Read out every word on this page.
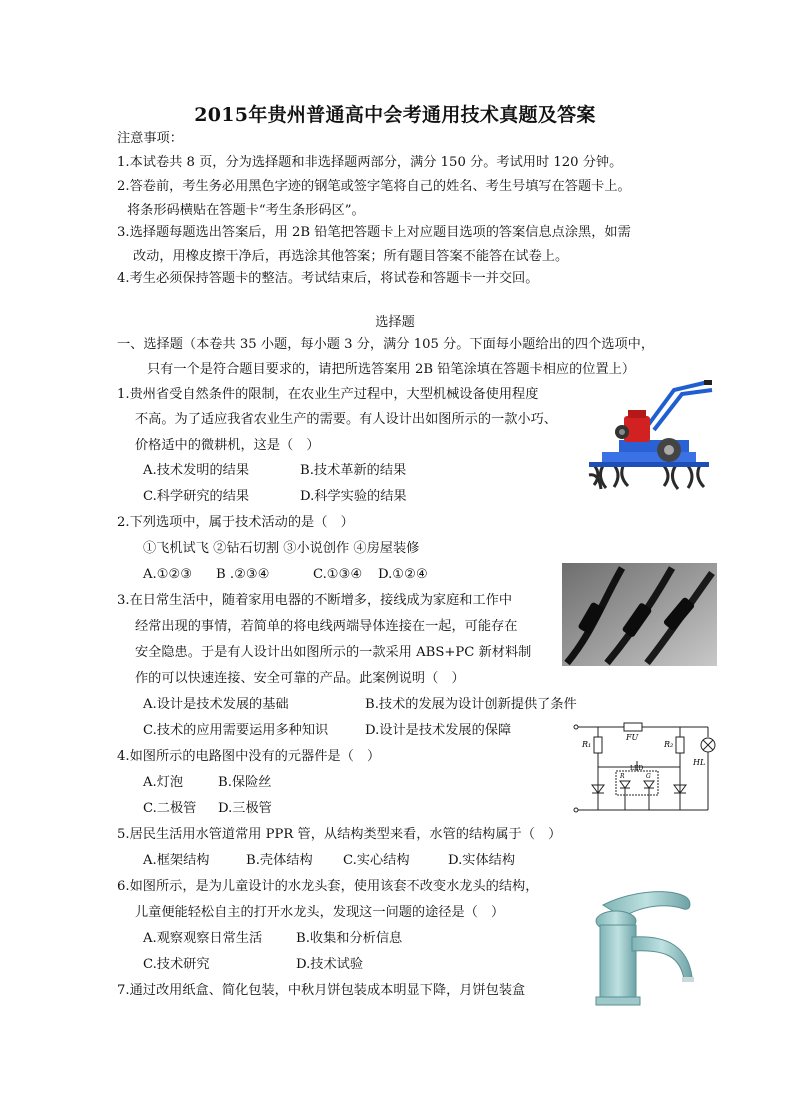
2015年贵州普通高中会考通用技术真题及答案
注意事项：
1.本试卷共 8 页，分为选择题和非选择题两部分，满分 150 分。考试用时 120 分钟。
2.答卷前，考生务必用黑色字迹的钢笔或签字笔将自己的姓名、考生号填写在答题卡上。
将条形码横贴在答题卡“考生条形码区”。
3.选择题每题选出答案后，用 2B 铅笔把答题卡上对应题目选项的答案信息点涂黑，如需
改动，用橡皮擦干净后，再选涂其他答案；所有题目答案不能答在试卷上。
4.考生必须保持答题卡的整洁。考试结束后，将试卷和答题卡一并交回。
选择题
一、选择题（本卷共 35 小题，每小题 3 分，满分 105 分。下面每小题给出的四个选项中，
只有一个是符合题目要求的，请把所选答案用 2B 铅笔涂填在答题卡相应的位置上）
1.贵州省受自然条件的限制，在农业生产过程中，大型机械设备使用程度
不高。为了适应我省农业生产的需要。有人设计出如图所示的一款小巧、
价格适中的微耕机，这是（　）
A.技术发明的结果	B.技术革新的结果
C.科学研究的结果	D.科学实验的结果
2.下列选项中，属于技术活动的是（　）
①飞机试飞 ②钻石切割 ③小说创作 ④房屋装修
A.①②③ B .②③④	C.①③④ D.①②④
3.在日常生活中，随着家用电器的不断增多，接线成为家庭和工作中
经常出现的事情，若简单的将电线两端导体连接在一起，可能存在
安全隐患。于是有人设计出如图所示的一款采用 ABS+PC 新材料制
作的可以快速连接、安全可靠的产品。此案例说明（　）
A.设计是技术发展的基础	B.技术的发展为设计创新提供了条件
C.技术的应用需要运用多种知识	D.设计是技术发展的保障
4.如图所示的电路图中没有的元器件是（　）
A.灯泡	B.保险丝
C.二极管 D.三极管
5.居民生活用水管道常用 PPR 管，从结构类型来看，水管的结构属于（　）
A.框架结构	B.壳体结构 C.实心结构	D.实体结构
6.如图所示，是为儿童设计的水龙头套，使用该套不改变水龙头的结构，
儿童便能轻松自主的打开水龙头，发现这一问题的途径是（　）
A.观察观察日常生活	B.收集和分析信息
C.技术研究	D.技术试验
7.通过改用纸盒、简化包装，中秋月饼包装成本明显下降，月饼包装盒
R₁	R₂
FU
HL
LED
R	G
